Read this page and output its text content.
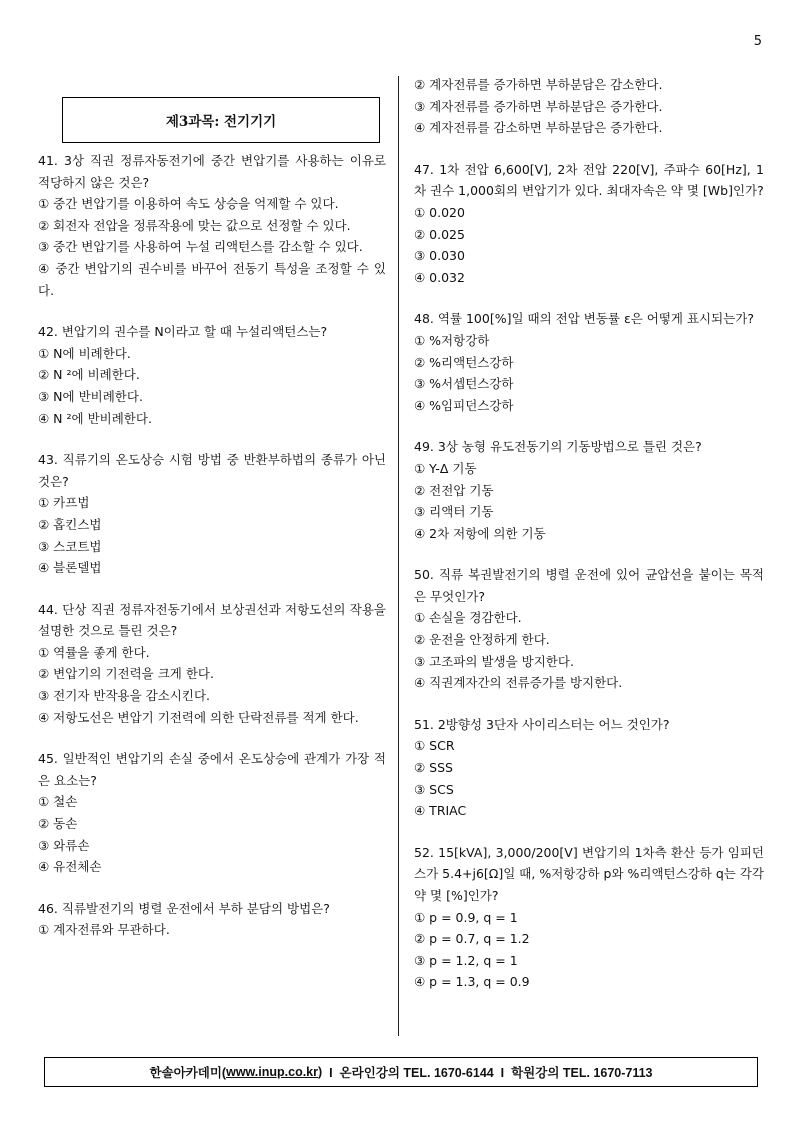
5
제3과목: 전기기기
41. 3상 직권 정류자동전기에 중간 변압기를 사용하는 이유로 적당하지 않은 것은?
① 중간 변압기를 이용하여 속도 상승을 억제할 수 있다.
② 회전자 전압을 정류작용에 맞는 값으로 선정할 수 있다.
③ 중간 변압기를 사용하여 누설 리액턴스를 감소할 수 있다.
④ 중간 변압기의 권수비를 바꾸어 전동기 특성을 조정할 수 있다.
42. 변압기의 권수를 N이라고 할 때 누설리액턴스는?
① N에 비례한다.
② N ²에 비례한다.
③ N에 반비례한다.
④ N ²에 반비례한다.
43. 직류기의 온도상승 시험 방법 중 반환부하법의 종류가 아닌 것은?
① 카프법
② 홉킨스법
③ 스코트법
④ 블론델법
44. 단상 직권 정류자전동기에서 보상권선과 저항도선의 작용을 설명한 것으로 틀린 것은?
① 역률을 좋게 한다.
② 변압기의 기전력을 크게 한다.
③ 전기자 반작용을 감소시킨다.
④ 저항도선은 변압기 기전력에 의한 단락전류를 적게 한다.
45. 일반적인 변압기의 손실 중에서 온도상승에 관계가 가장 적은 요소는?
① 철손
② 동손
③ 와류손
④ 유전체손
46. 직류발전기의 병렬 운전에서 부하 분담의 방법은?
① 계자전류와 무관하다.
② 계자전류를 증가하면 부하분담은 감소한다.
③ 계자전류를 증가하면 부하분담은 증가한다.
④ 계자전류를 감소하면 부하분담은 증가한다.
47. 1차 전압 6,600[V], 2차 전압 220[V], 주파수 60[Hz], 1차 권수 1,000회의 변압기가 있다. 최대자속은 약 몇 [Wb]인가?
① 0.020
② 0.025
③ 0.030
④ 0.032
48. 역률 100[%]일 때의 전압 변동률 ε은 어떻게 표시되는가?
① %저항강하
② %리액턴스강하
③ %서셉턴스강하
④ %임피던스강하
49. 3상 농형 유도전동기의 기동방법으로 틀린 것은?
① Y-Δ 기동
② 전전압 기동
③ 리액터 기동
④ 2차 저항에 의한 기동
50. 직류 복권발전기의 병렬 운전에 있어 균압선을 붙이는 목적은 무엇인가?
① 손실을 경감한다.
② 운전을 안정하게 한다.
③ 고조파의 발생을 방지한다.
④ 직권계자간의 전류증가를 방지한다.
51. 2방향성 3단자 사이리스터는 어느 것인가?
① SCR
② SSS
③ SCS
④ TRIAC
52. 15[kVA], 3,000/200[V] 변압기의 1차측 환산 등가 임피던스가 5.4+j6[Ω]일 때, %저항강하 p와 %리액턴스강하 q는 각각 약 몇 [%]인가?
① p = 0.9, q = 1
② p = 0.7, q = 1.2
③ p = 1.2, q = 1
④ p = 1.3, q = 0.9
한솔아카데미( www.inup.co.kr ) I  온라인강의 TEL. 1670-6144  I  학원강의 TEL. 1670-7113
